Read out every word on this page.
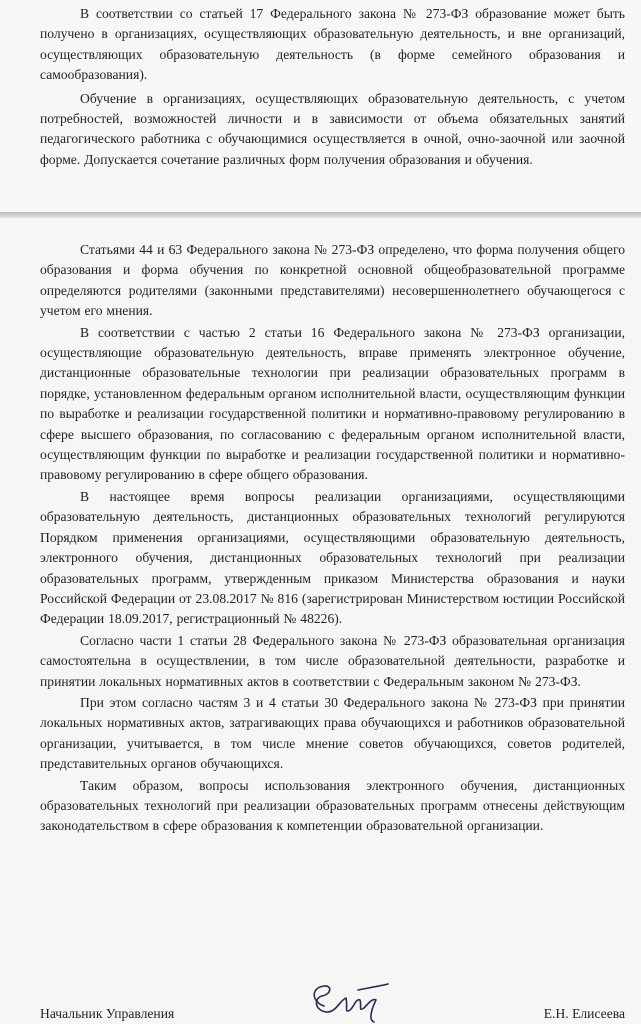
В соответствии со статьей 17 Федерального закона № 273-ФЗ образование может быть получено в организациях, осуществляющих образовательную деятельность, и вне организаций, осуществляющих образовательную деятельность (в форме семейного образования и самообразования).

Обучение в организациях, осуществляющих образовательную деятельность, с учетом потребностей, возможностей личности и в зависимости от объема обязательных занятий педагогического работника с обучающимися осуществляется в очной, очно-заочной или заочной форме. Допускается сочетание различных форм получения образования и обучения.

Статьями 44 и 63 Федерального закона № 273-ФЗ определено, что форма получения общего образования и форма обучения по конкретной основной общеобразовательной программе определяются родителями (законными представителями) несовершеннолетнего обучающегося с учетом его мнения.

В соответствии с частью 2 статьи 16 Федерального закона № 273-ФЗ организации, осуществляющие образовательную деятельность, вправе применять электронное обучение, дистанционные образовательные технологии при реализации образовательных программ в порядке, установленном федеральным органом исполнительной власти, осуществляющим функции по выработке и реализации государственной политики и нормативно-правовому регулированию в сфере высшего образования, по согласованию с федеральным органом исполнительной власти, осуществляющим функции по выработке и реализации государственной политики и нормативно-правовому регулированию в сфере общего образования.

В настоящее время вопросы реализации организациями, осуществляющими образовательную деятельность, дистанционных образовательных технологий регулируются Порядком применения организациями, осуществляющими образовательную деятельность, электронного обучения, дистанционных образовательных технологий при реализации образовательных программ, утвержденным приказом Министерства образования и науки Российской Федерации от 23.08.2017 № 816 (зарегистрирован Министерством юстиции Российской Федерации 18.09.2017, регистрационный № 48226).

Согласно части 1 статьи 28 Федерального закона № 273-ФЗ образовательная организация самостоятельна в осуществлении, в том числе образовательной деятельности, разработке и принятии локальных нормативных актов в соответствии с Федеральным законом № 273-ФЗ.

При этом согласно частям 3 и 4 статьи 30 Федерального закона № 273-ФЗ при принятии локальных нормативных актов, затрагивающих права обучающихся и работников образовательной организации, учитывается, в том числе мнение советов обучающихся, советов родителей, представительных органов обучающихся.

Таким образом, вопросы использования электронного обучения, дистанционных образовательных технологий при реализации образовательных программ отнесены действующим законодательством в сфере образования к компетенции образовательной организации.

Начальник Управления	Е.Н. Елисеева
